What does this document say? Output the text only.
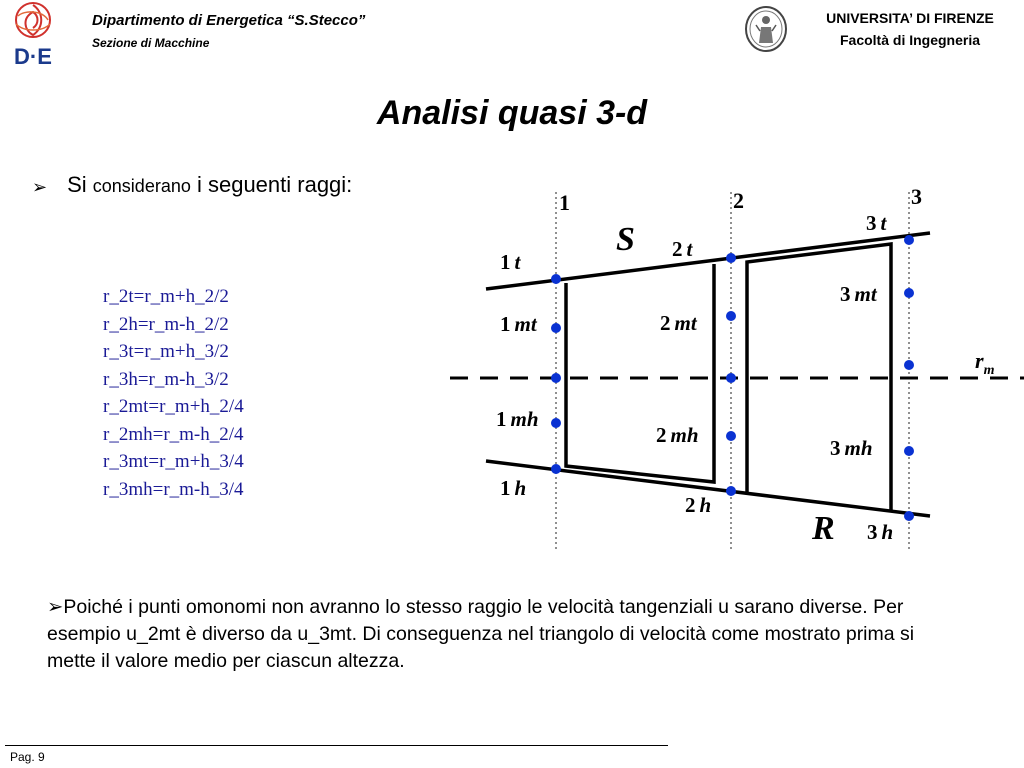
D·E
Dipartimento di Energetica “S.Stecco”
Sezione di Macchine
UNIVERSITA’ DI FIRENZE
Facoltà di Ingegneria
Analisi quasi 3-d
➢ Si considerano i seguenti raggi:
r_2t=r_m+h_2/2
r_2h=r_m-h_2/2
r_3t=r_m+h_3/2
r_3h=r_m-h_3/2
r_2mt=r_m+h_2/4
r_2mh=r_m-h_2/4
r_3mt=r_m+h_3/4
r_3mh=r_m-h_3/4
1	2	3
S
R
$r_m$
1 t
1 mt
1 mh
1 h
2 t
2 mt
2 mh
2 h
3 t
3 mt
3 mh
3 h
➢Poiché i punti omonomi non avranno lo stesso raggio le velocità tangenziali u sarano diverse. Per esempio u_2mt è diverso da u_3mt. Di conseguenza nel triangolo di velocità come mostrato prima si mette il valore medio per ciascun altezza.
Pag. 9
